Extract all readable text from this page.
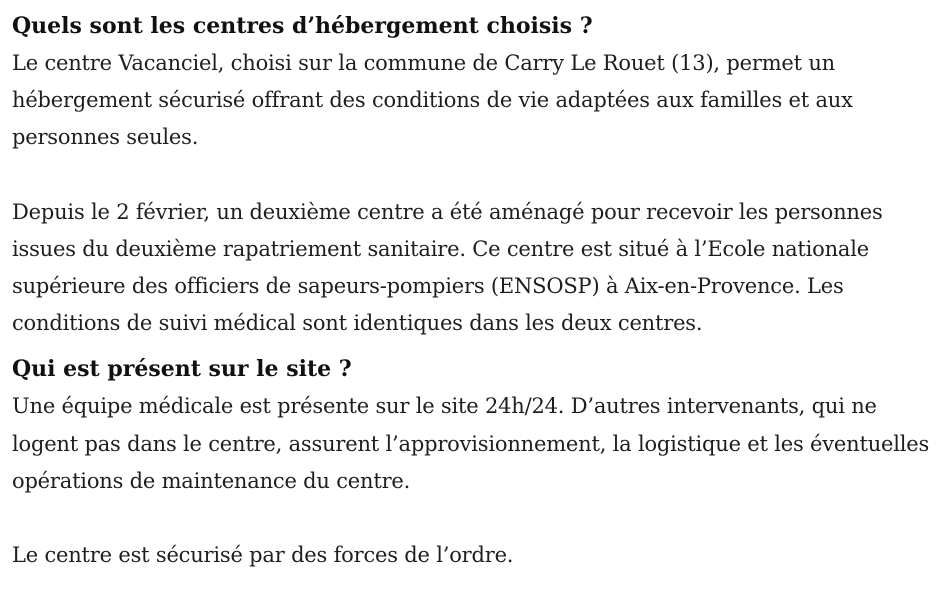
Quels sont les centres d’hébergement choisis ?

Le centre Vacanciel, choisi sur la commune de Carry Le Rouet (13), permet un hébergement sécurisé offrant des conditions de vie adaptées aux familles et aux personnes seules.

Depuis le 2 février, un deuxième centre a été aménagé pour recevoir les personnes issues du deuxième rapatriement sanitaire. Ce centre est situé à l’Ecole nationale supérieure des officiers de sapeurs-pompiers (ENSOSP) à Aix-en-Provence. Les conditions de suivi médical sont identiques dans les deux centres.

Qui est présent sur le site ?

Une équipe médicale est présente sur le site 24h/24. D’autres intervenants, qui ne logent pas dans le centre, assurent l’approvisionnement, la logistique et les éventuelles opérations de maintenance du centre.

Le centre est sécurisé par des forces de l’ordre.
